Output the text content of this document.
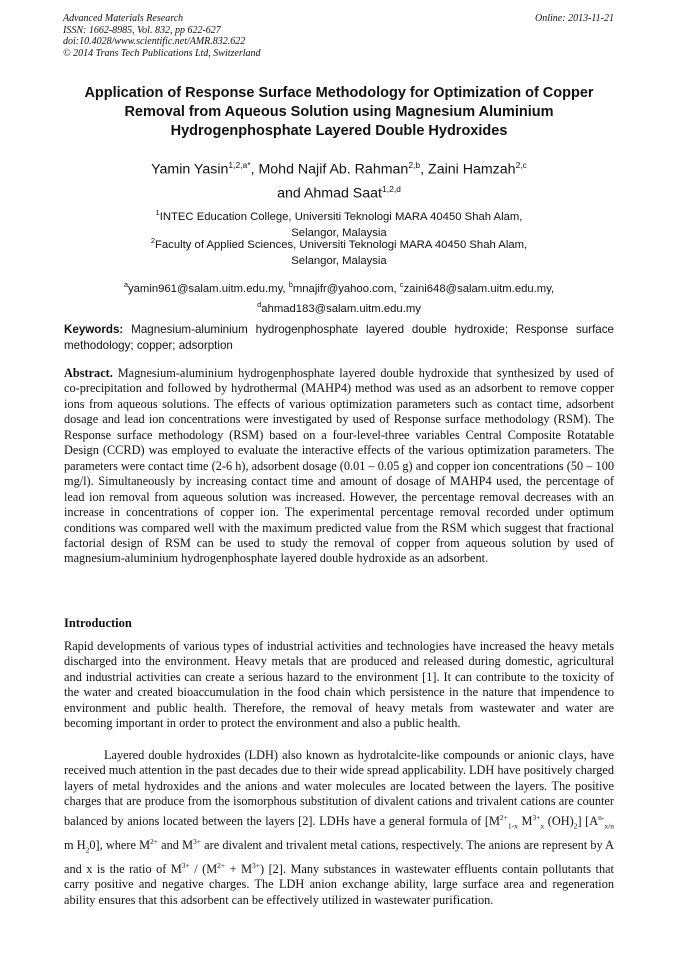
Advanced Materials Research
ISSN: 1662-8985, Vol. 832, pp 622-627
doi:10.4028/www.scientific.net/AMR.832.622
© 2014 Trans Tech Publications Ltd, Switzerland
Online: 2013-11-21
Application of Response Surface Methodology for Optimization of Copper Removal from Aqueous Solution using Magnesium Aluminium Hydrogenphosphate Layered Double Hydroxides
Yamin Yasin$^{1,2,a*}$, Mohd Najif Ab. Rahman$^{2,b}$, Zaini Hamzah$^{2,c}$
and Ahmad Saat$^{1,2,d}$
$^1$INTEC Education College, Universiti Teknologi MARA 40450 Shah Alam,
Selangor, Malaysia
$^2$Faculty of Applied Sciences, Universiti Teknologi MARA 40450 Shah Alam,
Selangor, Malaysia
$^a$yamin961@salam.uitm.edu.my, $^b$mnajifr@yahoo.com, $^c$zaini648@salam.uitm.edu.my,
$^d$ahmad183@salam.uitm.edu.my
Keywords: Magnesium-aluminium hydrogenphosphate layered double hydroxide; Response surface methodology; copper; adsorption
Abstract. Magnesium-aluminium hydrogenphosphate layered double hydroxide that synthesized by used of co-precipitation and followed by hydrothermal (MAHP4) method was used as an adsorbent to remove copper ions from aqueous solutions. The effects of various optimization parameters such as contact time, adsorbent dosage and lead ion concentrations were investigated by used of Response surface methodology (RSM). The Response surface methodology (RSM) based on a four-level-three variables Central Composite Rotatable Design (CCRD) was employed to evaluate the interactive effects of the various optimization parameters. The parameters were contact time (2-6 h), adsorbent dosage (0.01 – 0.05 g) and copper ion concentrations (50 – 100 mg/l). Simultaneously by increasing contact time and amount of dosage of MAHP4 used, the percentage of lead ion removal from aqueous solution was increased. However, the percentage removal decreases with an increase in concentrations of copper ion. The experimental percentage removal recorded under optimum conditions was compared well with the maximum predicted value from the RSM which suggest that fractional factorial design of RSM can be used to study the removal of copper from aqueous solution by used of magnesium-aluminium hydrogenphosphate layered double hydroxide as an adsorbent.
Introduction

Rapid developments of various types of industrial activities and technologies have increased the heavy metals discharged into the environment. Heavy metals that are produced and released during domestic, agricultural and industrial activities can create a serious hazard to the environment [1]. It can contribute to the toxicity of the water and created bioaccumulation in the food chain which persistence in the nature that impendence to environment and public health. Therefore, the removal of heavy metals from wastewater and water are becoming important in order to protect the environment and also a public health.

Layered double hydroxides (LDH) also known as hydrotalcite-like compounds or anionic clays, have received much attention in the past decades due to their wide spread applicability. LDH have positively charged layers of metal hydroxides and the anions and water molecules are located between the layers. The positive charges that are produce from the isomorphous substitution of divalent cations and trivalent cations are counter balanced by anions located between the layers [2]. LDHs have a general formula of [$M^{2+}_{1-x}$ $M^{3+}_x$ $(OH)_2$] [$A^{n-}_{x/n}$ m $H_20$], where $M^{2+}$ and $M^{3+}$ are divalent and trivalent metal cations, respectively. The anions are represent by A and x is the ratio of $M^{3+} / (M^{2+} + M^{3+})$ [2]. Many substances in wastewater effluents contain pollutants that carry positive and negative charges. The LDH anion exchange ability, large surface area and regeneration ability ensures that this adsorbent can be effectively utilized in wastewater purification.
